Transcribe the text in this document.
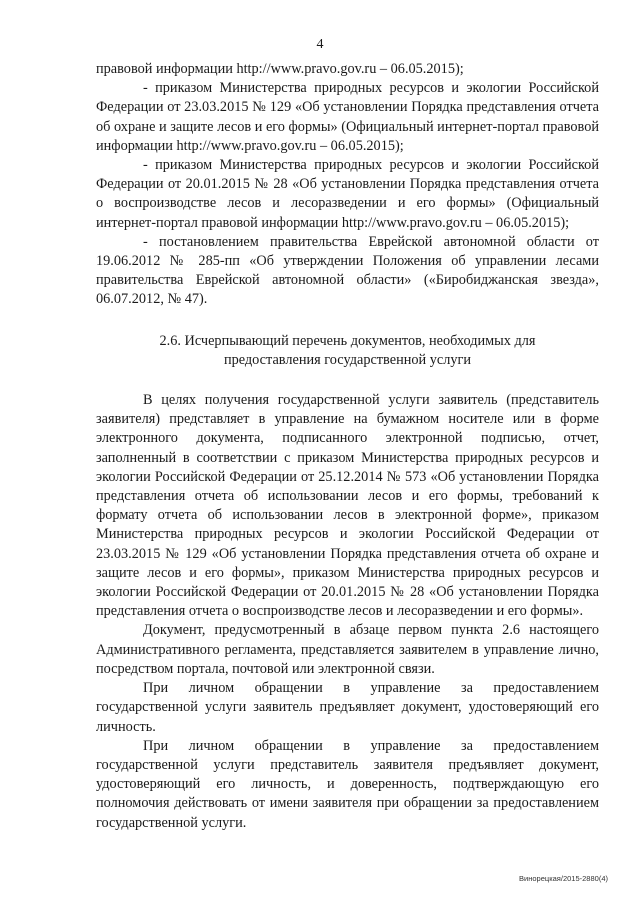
4

правовой информации http://www.pravo.gov.ru – 06.05.2015);

- приказом Министерства природных ресурсов и экологии Российской Федерации от 23.03.2015 № 129 «Об установлении Порядка представления отчета об охране и защите лесов и его формы» (Официальный интернет-портал правовой информации http://www.pravo.gov.ru – 06.05.2015);

- приказом Министерства природных ресурсов и экологии Российской Федерации от 20.01.2015 № 28 «Об установлении Порядка представления отчета о воспроизводстве лесов и лесоразведении и его формы» (Официальный интернет-портал правовой информации http://www.pravo.gov.ru – 06.05.2015);

- постановлением правительства Еврейской автономной области от 19.06.2012 № 285-пп «Об утверждении Положения об управлении лесами правительства Еврейской автономной области» («Биробиджанская звезда», 06.07.2012, № 47).

2.6. Исчерпывающий перечень документов, необходимых для предоставления государственной услуги

В целях получения государственной услуги заявитель (представитель заявителя) представляет в управление на бумажном носителе или в форме электронного документа, подписанного электронной подписью, отчет, заполненный в соответствии с приказом Министерства природных ресурсов и экологии Российской Федерации от 25.12.2014 № 573 «Об установлении Порядка представления отчета об использовании лесов и его формы, требований к формату отчета об использовании лесов в электронной форме», приказом Министерства природных ресурсов и экологии Российской Федерации от 23.03.2015 № 129 «Об установлении Порядка представления отчета об охране и защите лесов и его формы», приказом Министерства природных ресурсов и экологии Российской Федерации от 20.01.2015 № 28 «Об установлении Порядка представления отчета о воспроизводстве лесов и лесоразведении и его формы».

Документ, предусмотренный в абзаце первом пункта 2.6 настоящего Административного регламента, представляется заявителем в управление лично, посредством портала, почтовой или электронной связи.

При личном обращении в управление за предоставлением государственной услуги заявитель предъявляет документ, удостоверяющий его личность.

При личном обращении в управление за предоставлением государственной услуги представитель заявителя предъявляет документ, удостоверяющий его личность, и доверенность, подтверждающую его полномочия действовать от имени заявителя при обращении за предоставлением государственной услуги.

Винорецкая/2015-2880(4)
